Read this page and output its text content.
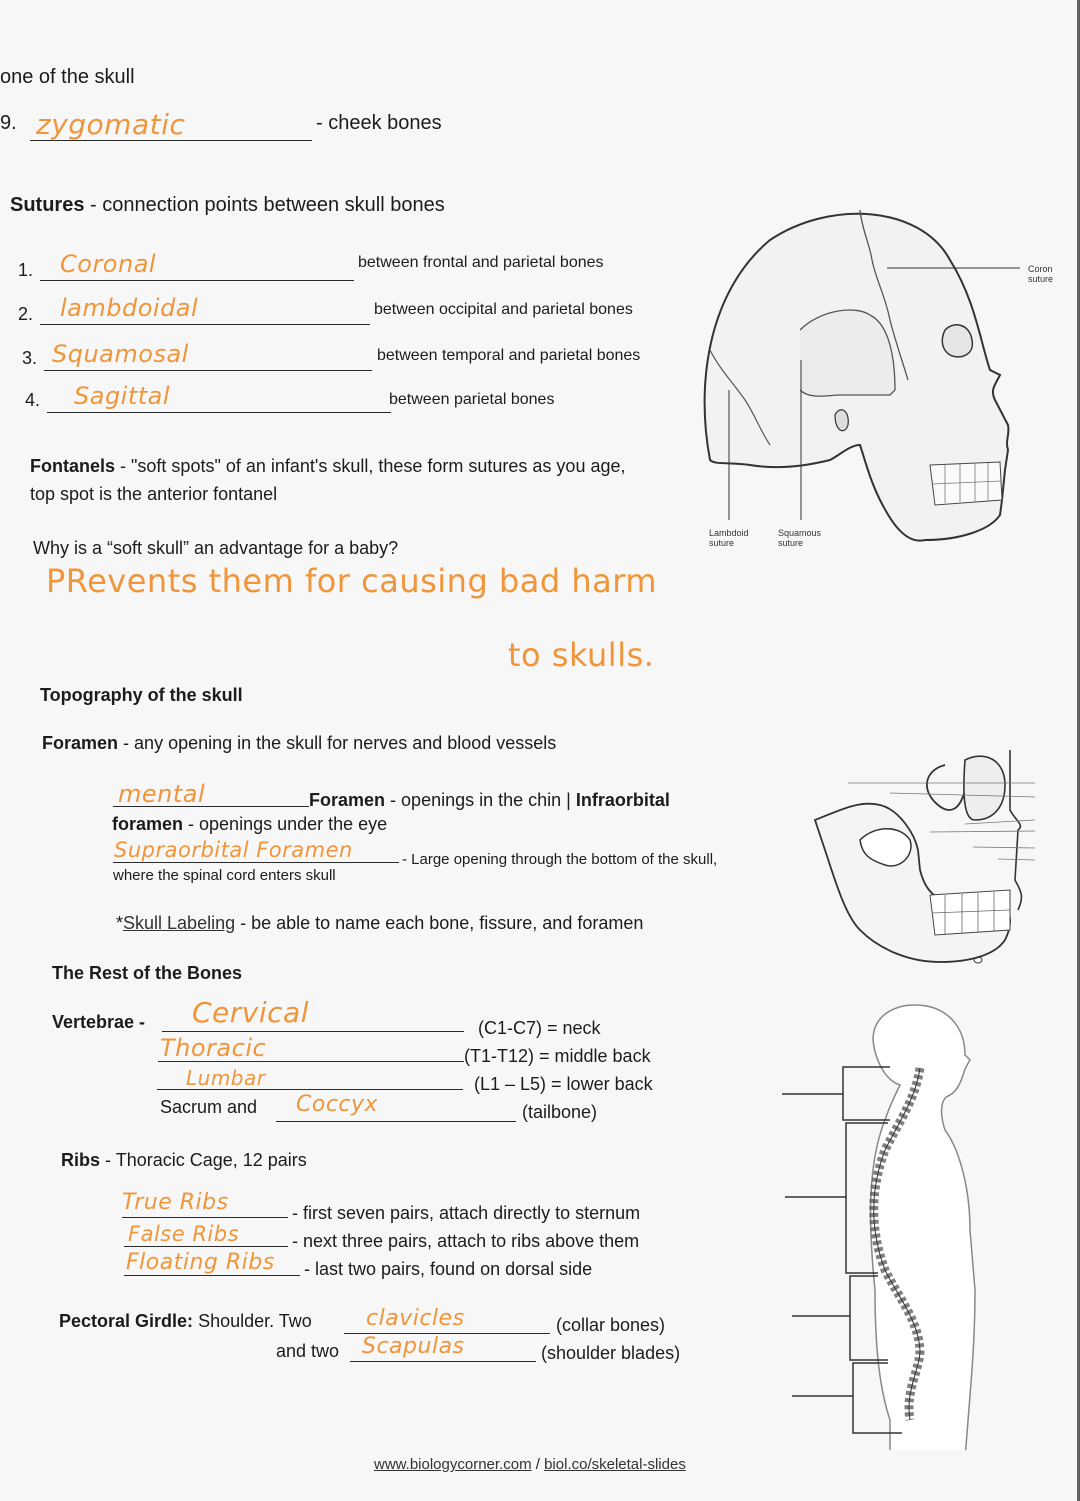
one of the skull
9. zygomatic	- cheek bones
Sutures - connection points between skull bones
1. Coronal	between frontal and parietal bones
2. lambdoidal	between occipital and parietal bones
3. Squamosal	between temporal and parietal bones
4. Sagittal	between parietal bones
Coron
suture
Lambdoid
suture
Squamous
suture
Fontanels - "soft spots" of an infant's skull, these form sutures as you age,
top spot is the anterior fontanel
Why is a “soft skull” an advantage for a baby?
PRevents them for causing bad harm
to skulls.
Topography of the skull
Foramen - any opening in the skull for nerves and blood vessels
mental	Foramen - openings in the chin | Infraorbital
foramen - openings under the eye
Supraorbital Foramen	- Large opening through the bottom of the skull,
where the spinal cord enters skull
*Skull Labeling - be able to name each bone, fissure, and foramen
The Rest of the Bones
Vertebrae - Cervical	(C1-C7) = neck
Thoracic	(T1-T12) = middle back
Lumbar	(L1 – L5) = lower back
Sacrum and Coccyx	(tailbone)
Ribs - Thoracic Cage, 12 pairs
True Ribs	- first seven pairs, attach directly to sternum
False Ribs	- next three pairs, attach to ribs above them
Floating Ribs - last two pairs, found on dorsal side
Pectoral Girdle: Shoulder. Two clavicles	(collar bones)
and two Scapulas	(shoulder blades)
www.biologycorner.com / biol.co/skeletal-slides
